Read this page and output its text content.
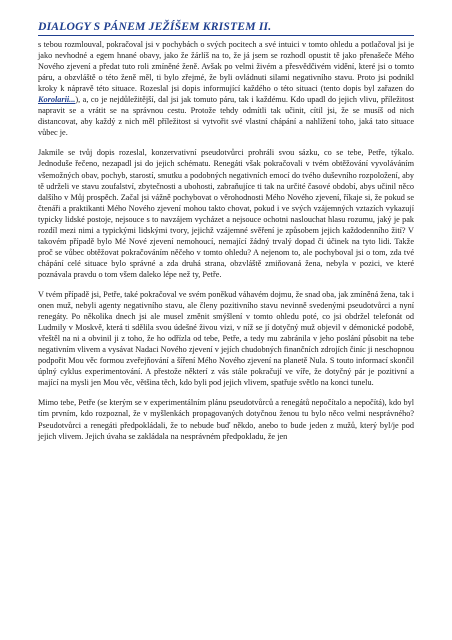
DIALOGY S PÁNEM JEŽÍŠEM KRISTEM II.

s tebou rozmlouval, pokračoval jsi v pochybách o svých pocitech a své intuici v tomto ohledu a potlačoval jsi je jako nevhodné a egem hnané obavy, jako že žárlíš na to, že já jsem se rozhodl opustit tě jako přenašeče Mého Nového zjevení a předat tuto roli zmíněné ženě. Avšak po velmi živém a přesvědčivém vidění, které jsi o tomto páru, a obzvláště o této ženě měl, ti bylo zřejmé, že byli ovládnuti silami negativního stavu. Proto jsi podnikl kroky k nápravě této situace. Rozeslal jsi dopis informující každého o této situaci (tento dopis byl zařazen do Korolarii...), a, co je nejdůležitější, dal jsi jak tomuto páru, tak i každému. Kdo upadl do jejich vlivu, příležitost napravit se a vrátit se na správnou cestu. Protože tehdy odmítli tak učinit, cítil jsi, že se musíš od nich distancovat, aby každý z nich měl příležitost si vytvořit své vlastní chápání a nahlížení toho, jaká tato situace vůbec je.

Jakmile se tvůj dopis rozeslal, konzervativní pseudotvůrci prohráli svou sázku, co se tebe, Petře, týkalo. Jednoduše řečeno, nezapadl jsi do jejich schématu. Renegáti však pokračovali v tvém obtěžování vyvoláváním všemožných obav, pochyb, starostí, smutku a podobných negativních emocí do tvého duševního rozpoložení, aby tě udrželi ve stavu zoufalství, zbytečnosti a ubohosti, zabraňujíce ti tak na určité časové období, abys učinil něco dalšího v Můj prospěch. Začal jsi vážně pochybovat o věrohodnosti Mého Nového zjevení, říkaje si, že pokud se čtenáři a praktikanti Mého Nového zjevení mohou takto chovat, pokud i ve svých vzájemných vztazích vykazují typicky lidské postoje, nejsouce s to navzájem vycházet a nejsouce ochotni naslouchat hlasu rozumu, jaký je pak rozdíl mezi nimi a typickými lidskými tvory, jejichž vzájemné svěření je způsobem jejich každodenního žití? V takovém případě bylo Mé Nové zjevení nemohoucí, nemající žádný trvalý dopad či účinek na tyto lidi. Takže proč se vůbec obtěžovat pokračováním něčeho v tomto ohledu? A nejenom to, ale pochyboval jsi o tom, zda tvé chápání celé situace bylo správné a zda druhá strana, obzvláště zmiňovaná žena, nebyla v pozici, ve které poznávala pravdu o tom všem daleko lépe než ty, Petře.

V tvém případě jsi, Petře, také pokračoval ve svém poněkud váhavém dojmu, že snad oba, jak zmíněná žena, tak i onen muž, nebyli agenty negativního stavu, ale členy pozitivního stavu nevinně svedenými pseudotvůrci a nyní renegáty. Po několika dnech jsi ale musel změnit smýšlení v tomto ohledu poté, co jsi obdržel telefonát od Ludmily v Moskvě, která ti sdělila svou údešné živou vizi, v níž se jí dotyčný muž objevil v démonické podobě, vřeštěl na ni a obvinil ji z toho, že ho odřízla od tebe, Petře, a tedy mu zabránila v jeho poslání působit na tebe negativním vlivem a vysávat Nadaci Nového zjevení v jejích chudobných finančních zdrojích činíc ji neschopnou podpořit Mou věc formou zveřejňování a šíření Mého Nového zjevení na planetě Nula. S touto informací skončil úplný cyklus experimentování. A přestože některí z vás stále pokračují ve víře, že dotyčný pár je pozitivní a mající na mysli jen Mou věc, většina těch, kdo byli pod jejich vlivem, spatřuje světlo na konci tunelu.

Mimo tebe, Petře (se kterým se v experimentálním plánu pseudotvůrců a renegátů nepočítalo a nepočítá), kdo byl tím prvním, kdo rozpoznal, že v myšlenkách propagovaných dotyčnou ženou tu bylo něco velmi nesprávného? Pseudotvůrci a renegáti předpokládali, že to nebude buď někdo, anebo to bude jeden z mužů, který byl/je pod jejich vlivem. Jejich úvaha se zakládala na nesprávném předpokladu, že jen
